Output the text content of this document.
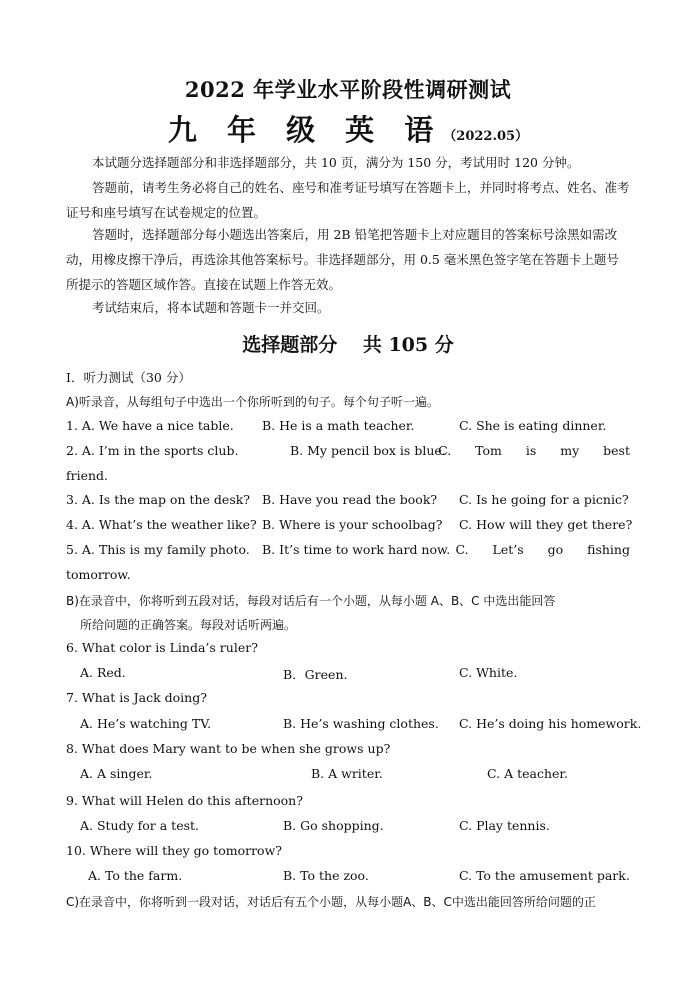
2022 年学业水平阶段性调研测试
九 年 级 英 语（2022.05）

本试题分选择题部分和非选择题部分，共 10 页，满分为 150 分，考试用时 120 分钟。

答题前，请考生务必将自己的姓名、座号和准考证号填写在答题卡上，并同时将考点、姓名、准考证号和座号填写在试卷规定的位置。

答题时，选择题部分每小题选出答案后，用 2B 铅笔把答题卡上对应题目的答案标号涂黑如需改动，用橡皮擦干净后，再选涂其他答案标号。非选择题部分，用 0.5 毫米黑色签字笔在答题卡上题号所提示的答题区域作答。直接在试题上作答无效。

考试结束后，将本试题和答题卡一并交回。

选择题部分　 共 105 分
I．听力测试（30 分）
A)听录音，从每组句子中选出一个你所听到的句子。每个句子听一遍。
1. A. We have a nice table. B. He is a math teacher.	C. She is eating dinner.
2. A. I’m in the sports club.	B. My pencil box is blue.
C. Tom is my best
friend.
3. A. Is the map on the desk? B. Have you read the book? C. Is he going for a picnic?
4. A. What’s the weather like? B. Where is your schoolbag? C. How will they get there?
5. A. This is my family photo. B. It’s time to work hard now. C. Let’s go fishing
tomorrow.
B)在录音中，你将听到五段对话，每段对话后有一个小题，从每小题 A、B、C 中选出能回答
所给问题的正确答案。每段对话听两遍。
6. What color is Linda’s ruler?
A. Red.	B．Green.	C. White.
7. What is Jack doing?
A. He’s watching TV.	B. He’s washing clothes. C. He’s doing his homework.
8. What does Mary want to be when she grows up?
A. A singer.	B. A writer.	C. A teacher.
9. What will Helen do this afternoon?
A. Study for a test.	B. Go shopping.	C. Play tennis.
10. Where will they go tomorrow?
A. To the farm.	B. To the zoo.	C. To the amusement park.
C)在录音中，你将听到一段对话，对话后有五个小题，从每小题A、B、C中选出能回答所给问题的正
